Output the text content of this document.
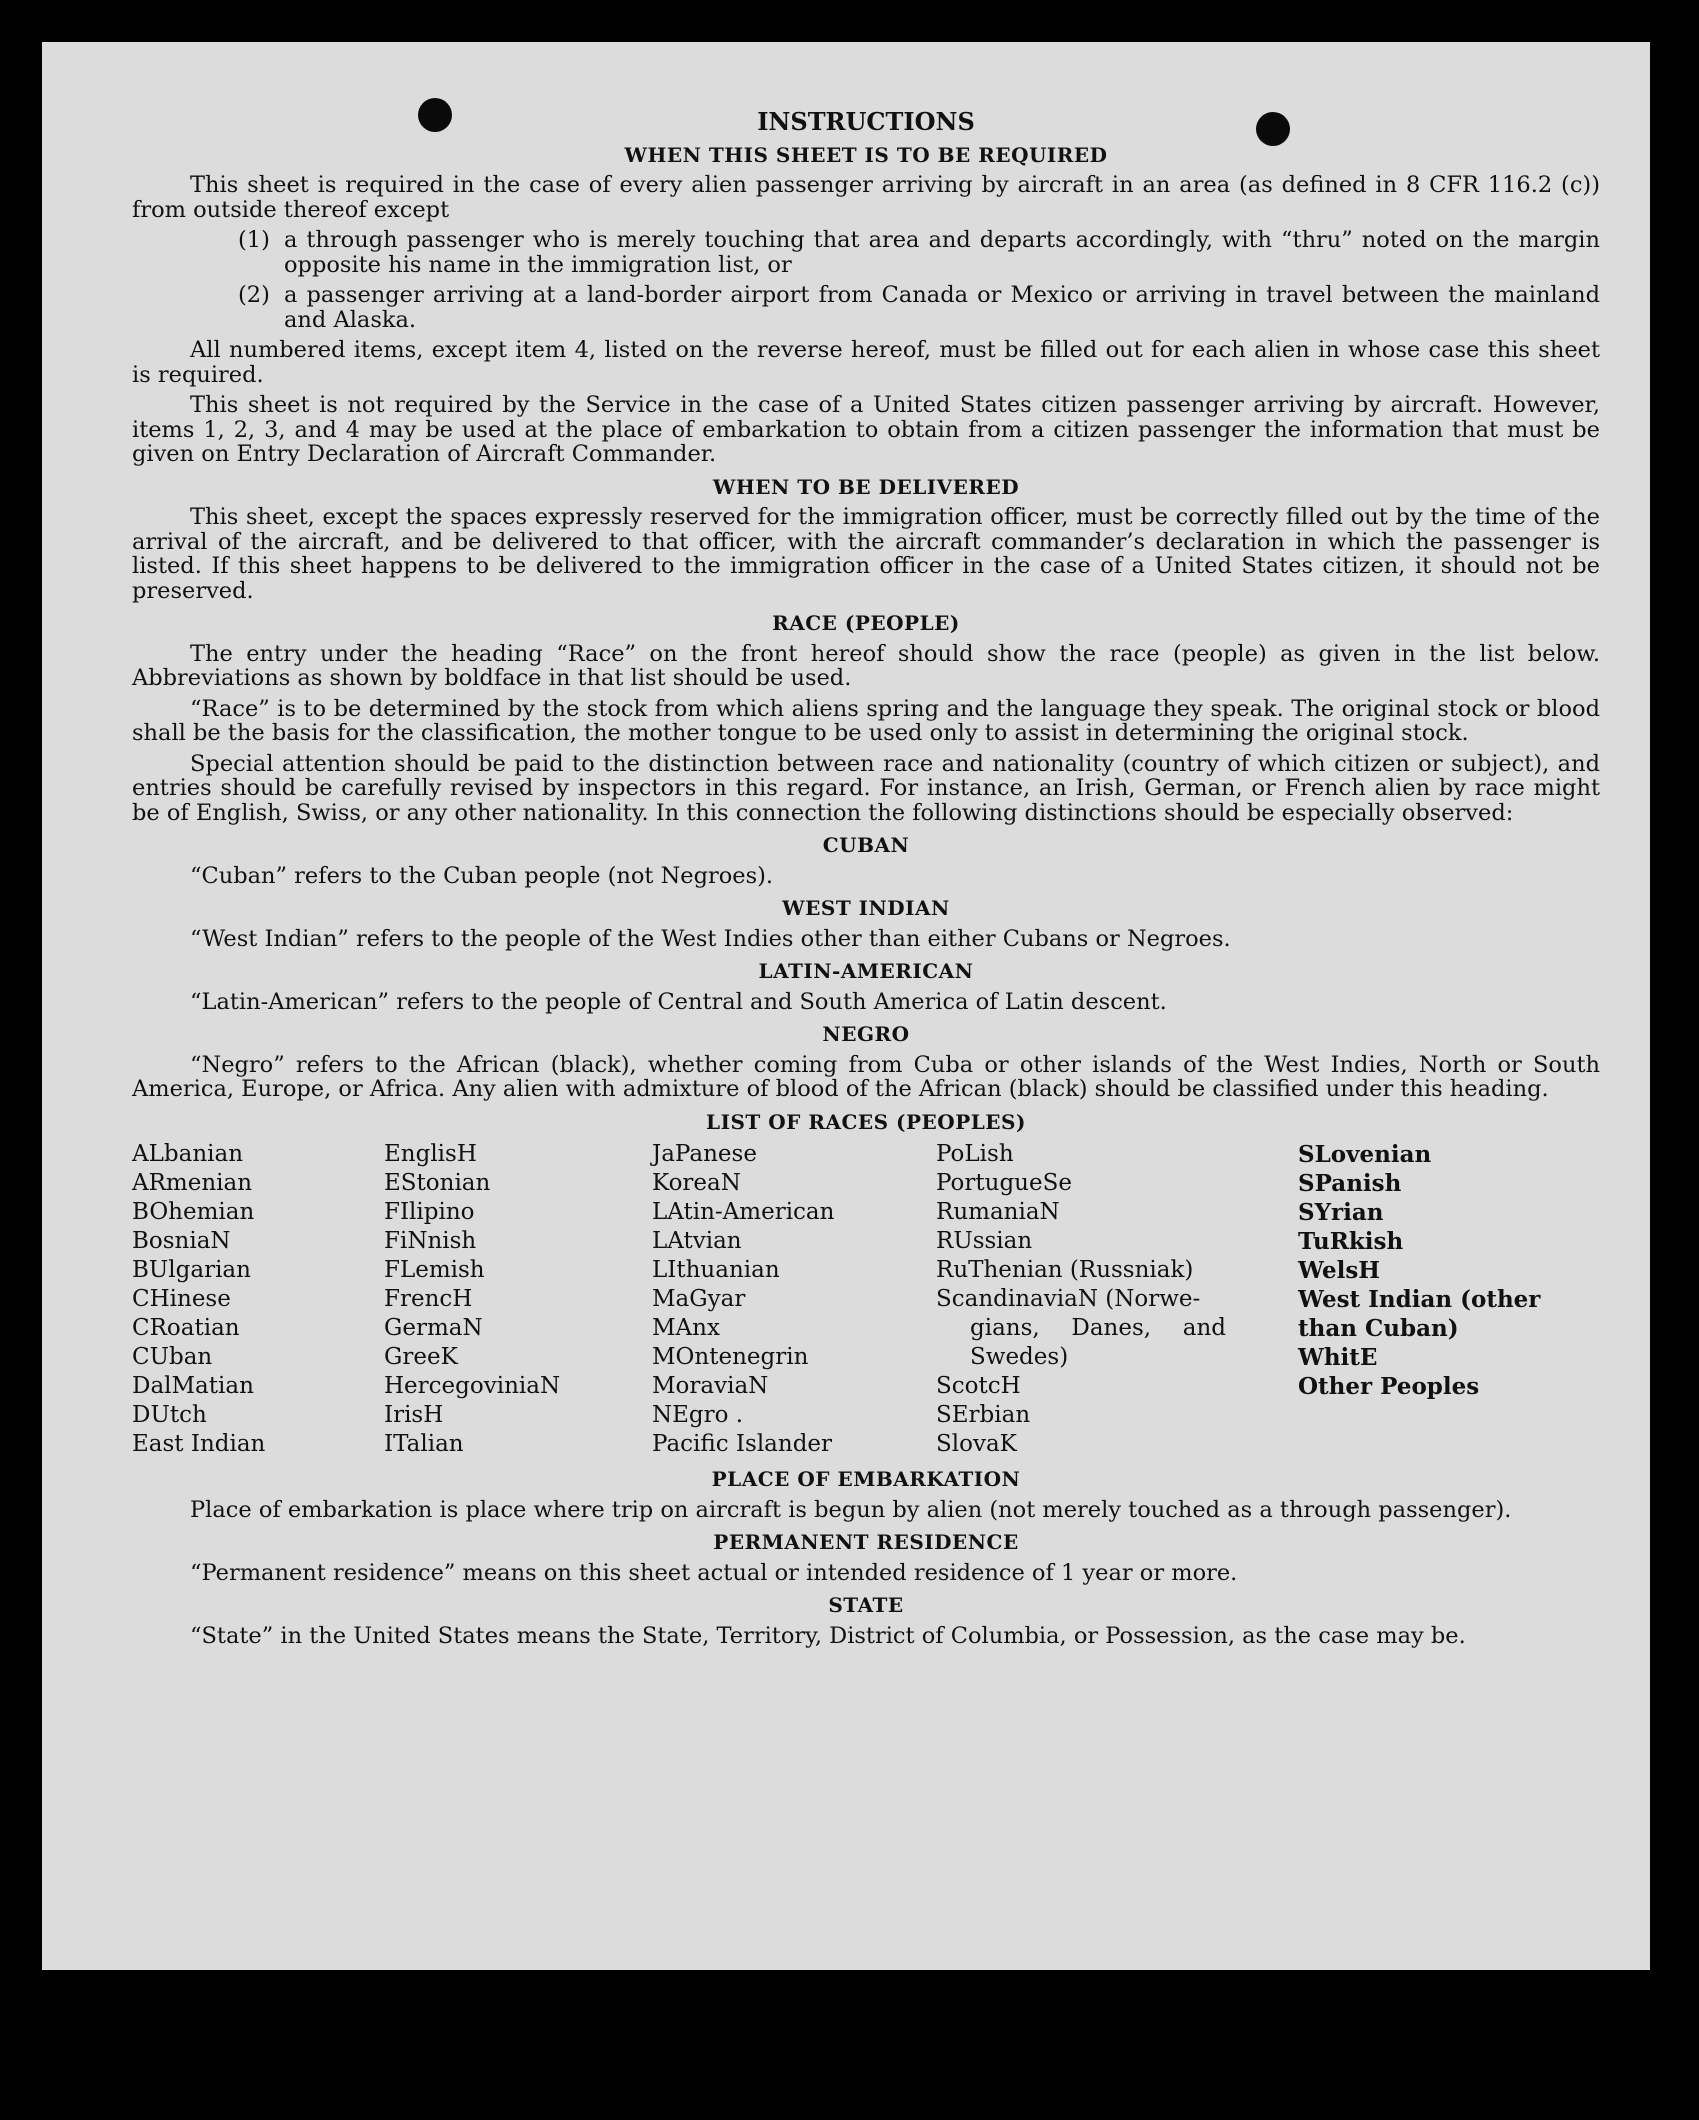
INSTRUCTIONS
WHEN THIS SHEET IS TO BE REQUIRED

This sheet is required in the case of every alien passenger arriving by aircraft in an area (as defined in 8 CFR 116.2 (c)) from outside thereof except

(1) a through passenger who is merely touching that area and departs accordingly, with “thru” noted on the margin opposite his name in the immigration list, or
(2) a passenger arriving at a land-border airport from Canada or Mexico or arriving in travel between the mainland and Alaska.

All numbered items, except item 4, listed on the reverse hereof, must be filled out for each alien in whose case this sheet is required.

This sheet is not required by the Service in the case of a United States citizen passenger arriving by aircraft. However, items 1, 2, 3, and 4 may be used at the place of embarkation to obtain from a citizen passenger the information that must be given on Entry Declaration of Aircraft Commander.

WHEN TO BE DELIVERED

This sheet, except the spaces expressly reserved for the immigration officer, must be correctly filled out by the time of the arrival of the aircraft, and be delivered to that officer, with the aircraft commander’s declaration in which the passenger is listed. If this sheet happens to be delivered to the immigration officer in the case of a United States citizen, it should not be preserved.

RACE (PEOPLE)

The entry under the heading “Race” on the front hereof should show the race (people) as given in the list below. Abbreviations as shown by boldface in that list should be used.

“Race” is to be determined by the stock from which aliens spring and the language they speak. The original stock or blood shall be the basis for the classification, the mother tongue to be used only to assist in determining the original stock.

Special attention should be paid to the distinction between race and nationality (country of which citizen or subject), and entries should be carefully revised by inspectors in this regard. For instance, an Irish, German, or French alien by race might be of English, Swiss, or any other nationality. In this connection the following distinctions should be especially observed:

CUBAN

“Cuban” refers to the Cuban people (not Negroes).

WEST INDIAN

“West Indian” refers to the people of the West Indies other than either Cubans or Negroes.

LATIN-AMERICAN

“Latin-American” refers to the people of Central and South America of Latin descent.

NEGRO

“Negro” refers to the African (black), whether coming from Cuba or other islands of the West Indies, North or South America, Europe, or Africa. Any alien with admixture of blood of the African (black) should be classified under this heading.

LIST OF RACES (PEOPLES)
ALbanian
ARmenian
BOhemian
BosniaN
BUlgarian
CHinese
CRoatian
CUban
DalMatian
DUtch
East Indian
EnglisH
EStonian
FIlipino
FiNnish
FLemish
FrencH
GermaN
GreeK
HercegoviniaN
IrisH
ITalian
JaPanese
KoreaN
LAtin-American
LAtvian
LIthuanian
MaGyar
MAnx
MOntenegrin
MoraviaN
NEgro .
Pacific Islander
PoLish
PortugueSe
RumaniaN
RUssian
RuThenian (Russniak)
ScandinaviaN (Norwe-
gians, Danes, and Swedes)
ScotcH
SErbian
SlovaK
SLovenian
SPanish
SYrian
TuRkish
WelsH
West Indian (other than Cuban)
WhitE
Other Peoples
PLACE OF EMBARKATION

Place of embarkation is place where trip on aircraft is begun by alien (not merely touched as a through passenger).

PERMANENT RESIDENCE

“Permanent residence” means on this sheet actual or intended residence of 1 year or more.

STATE

“State” in the United States means the State, Territory, District of Columbia, or Possession, as the case may be.
